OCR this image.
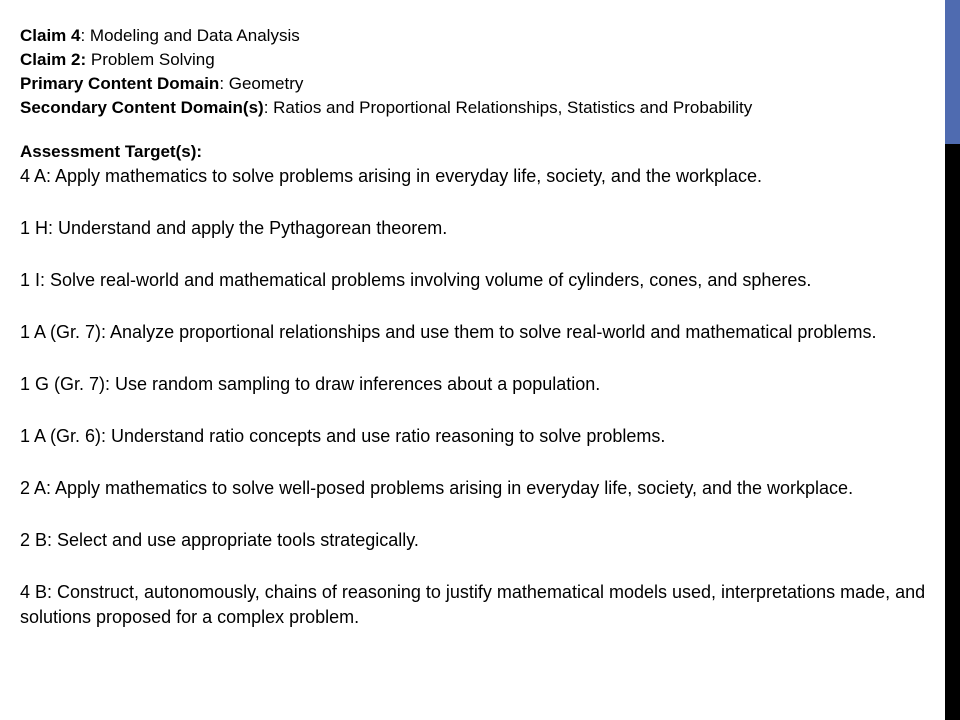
Claim 4: Modeling and Data Analysis
Claim 2: Problem Solving
Primary Content Domain: Geometry
Secondary Content Domain(s): Ratios and Proportional Relationships, Statistics and Probability
Assessment Target(s):
4 A: Apply mathematics to solve problems arising in everyday life, society, and the workplace.
1 H: Understand and apply the Pythagorean theorem.
1 I: Solve real-world and mathematical problems involving volume of cylinders, cones, and spheres.
1 A (Gr. 7): Analyze proportional relationships and use them to solve real-world and mathematical problems.
1 G (Gr. 7): Use random sampling to draw inferences about a population.
1 A (Gr. 6): Understand ratio concepts and use ratio reasoning to solve problems.
2 A: Apply mathematics to solve well-posed problems arising in everyday life, society, and the workplace.
2 B: Select and use appropriate tools strategically.
4 B: Construct, autonomously, chains of reasoning to justify mathematical models used, interpretations made, and solutions proposed for a complex problem.
